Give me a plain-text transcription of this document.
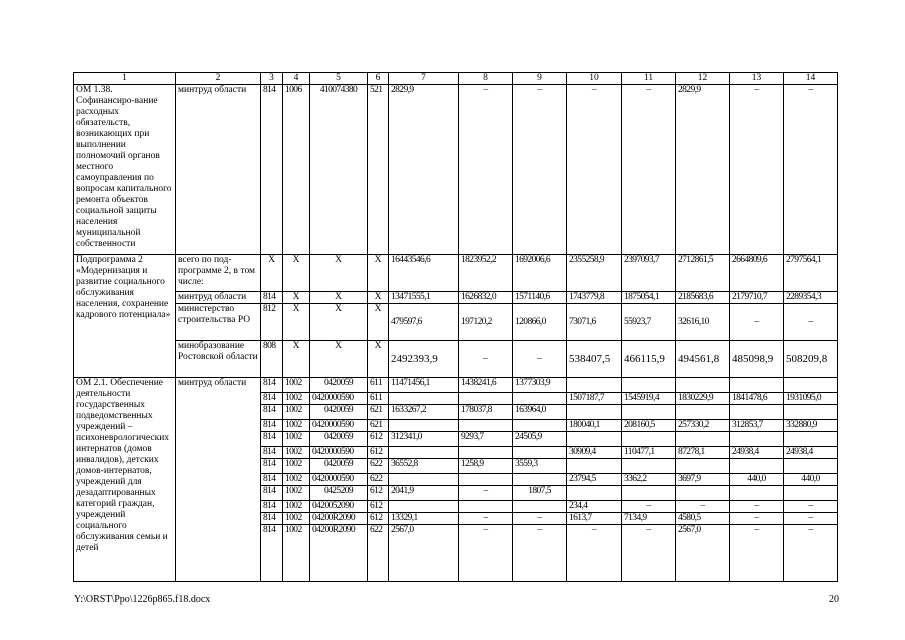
1	2	3	4	5	6	7	8	9	10	11	12	13	14
ОМ 1.38. Софинансиро-вание расходных обязательств, возникающих при выполнении полномочий органов местного самоуправления по вопросам капитального ремонта объектов социальной защиты населения муниципальной собственности	минтруд области	814	1006	410074380	521	2829,9	–	–	–	–	2829,9	–	–
Подпрограмма 2 «Модернизация и развитие социального обслуживания населения, сохранение кадрового потенциала»	всего по под-программе 2, в том числе:	X	X	X	X	16443546,6	1823952,2	1692006,6	2355258,9	2397093,7	2712861,5	2664809,6	2797564,1
	минтруд области	814	X	X	X	13471555,1	1626832,0	1571140,6	1743779,8	1875054,1	2185683,6	2179710,7	2289354,3
	министерство строительства РО	812	X	X	X	479597,6	197120,2	120866,0	73071,6	55923,7	32616,10	–	–
	минобразование Ростовской области	808	X	X	X	2492393,9	–	–	538407,5	466115,9	494561,8	485098,9	508209,8
ОМ 2.1. Обеспечение деятельности государственных подведомственных учреждений – психоневрологических интернатов (домов инвалидов), детских домов-интернатов, учреждений для дезадаптированных категорий граждан, учреждений социального обслуживания семьи и детей	минтруд области	814	1002	0420059	611	11471456,1	1438241,6	1377303,9					
		814	1002	0420000590	611				1507187,7	1545919,4	1830229,9	1841478,6	1931095,0
		814	1002	0420059	621	1633267,2	178037,8	163964,0					
		814	1002	0420000590	621				180040,1	208160,5	257330,2	312853,7	332880,9
		814	1002	0420059	612	312341,0	9293,7	24505,9					
		814	1002	0420000590	612				30909,4	110477,1	87278,1	24938,4	24938,4
		814	1002	0420059	622	36552,8	1258,9	3559,3					
		814	1002	0420000590	622				23794,5	3362,2	3697,9	440,0	440,0
		814	1002	0425209	612	2041,9	–	1807,5					
		814	1002	0420052090	612				234,4	–	–	–	–
		814	1002	04200R2090	612	13329,1	–	–	1613,7	7134,9	4580,5	–	–
		814	1002	04200R2090	622	2567,0	–	–	–	–	2567,0	–	–
Y:\ORST\Ppo\1226p865.f18.docx	20
